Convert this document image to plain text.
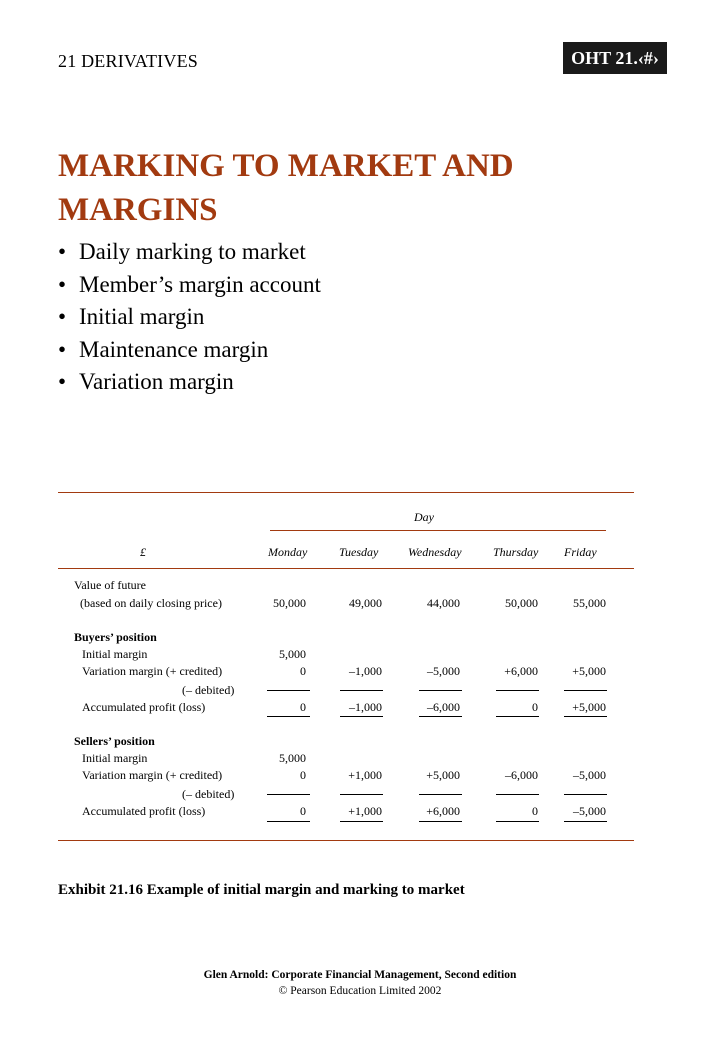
21 DERIVATIVES	OHT 21.‹#›
MARKING TO MARKET AND MARGINS
• Daily marking to market
• Member’s margin account
• Initial margin
• Maintenance margin
• Variation margin
Day
£	Monday	Tuesday Wednesday	Thursday Friday
Value of future
(based on daily closing price)	50,000	49,000	44,000	50,000	55,000
Buyers’ position
Initial margin	5,000
Variation margin (+ credited)	0	–1,000	–5,000	+6,000	+5,000
(– debited)
Accumulated profit (loss)	0	–1,000	–6,000	0	+5,000
Sellers’ position
Initial margin	5,000
Variation margin (+ credited)	0	+1,000	+5,000	–6,000	–5,000
(– debited)
Accumulated profit (loss)	0	+1,000	+6,000	0	–5,000
Exhibit 21.16 Example of initial margin and marking to market
Glen Arnold: Corporate Financial Management, Second edition
© Pearson Education Limited 2002
